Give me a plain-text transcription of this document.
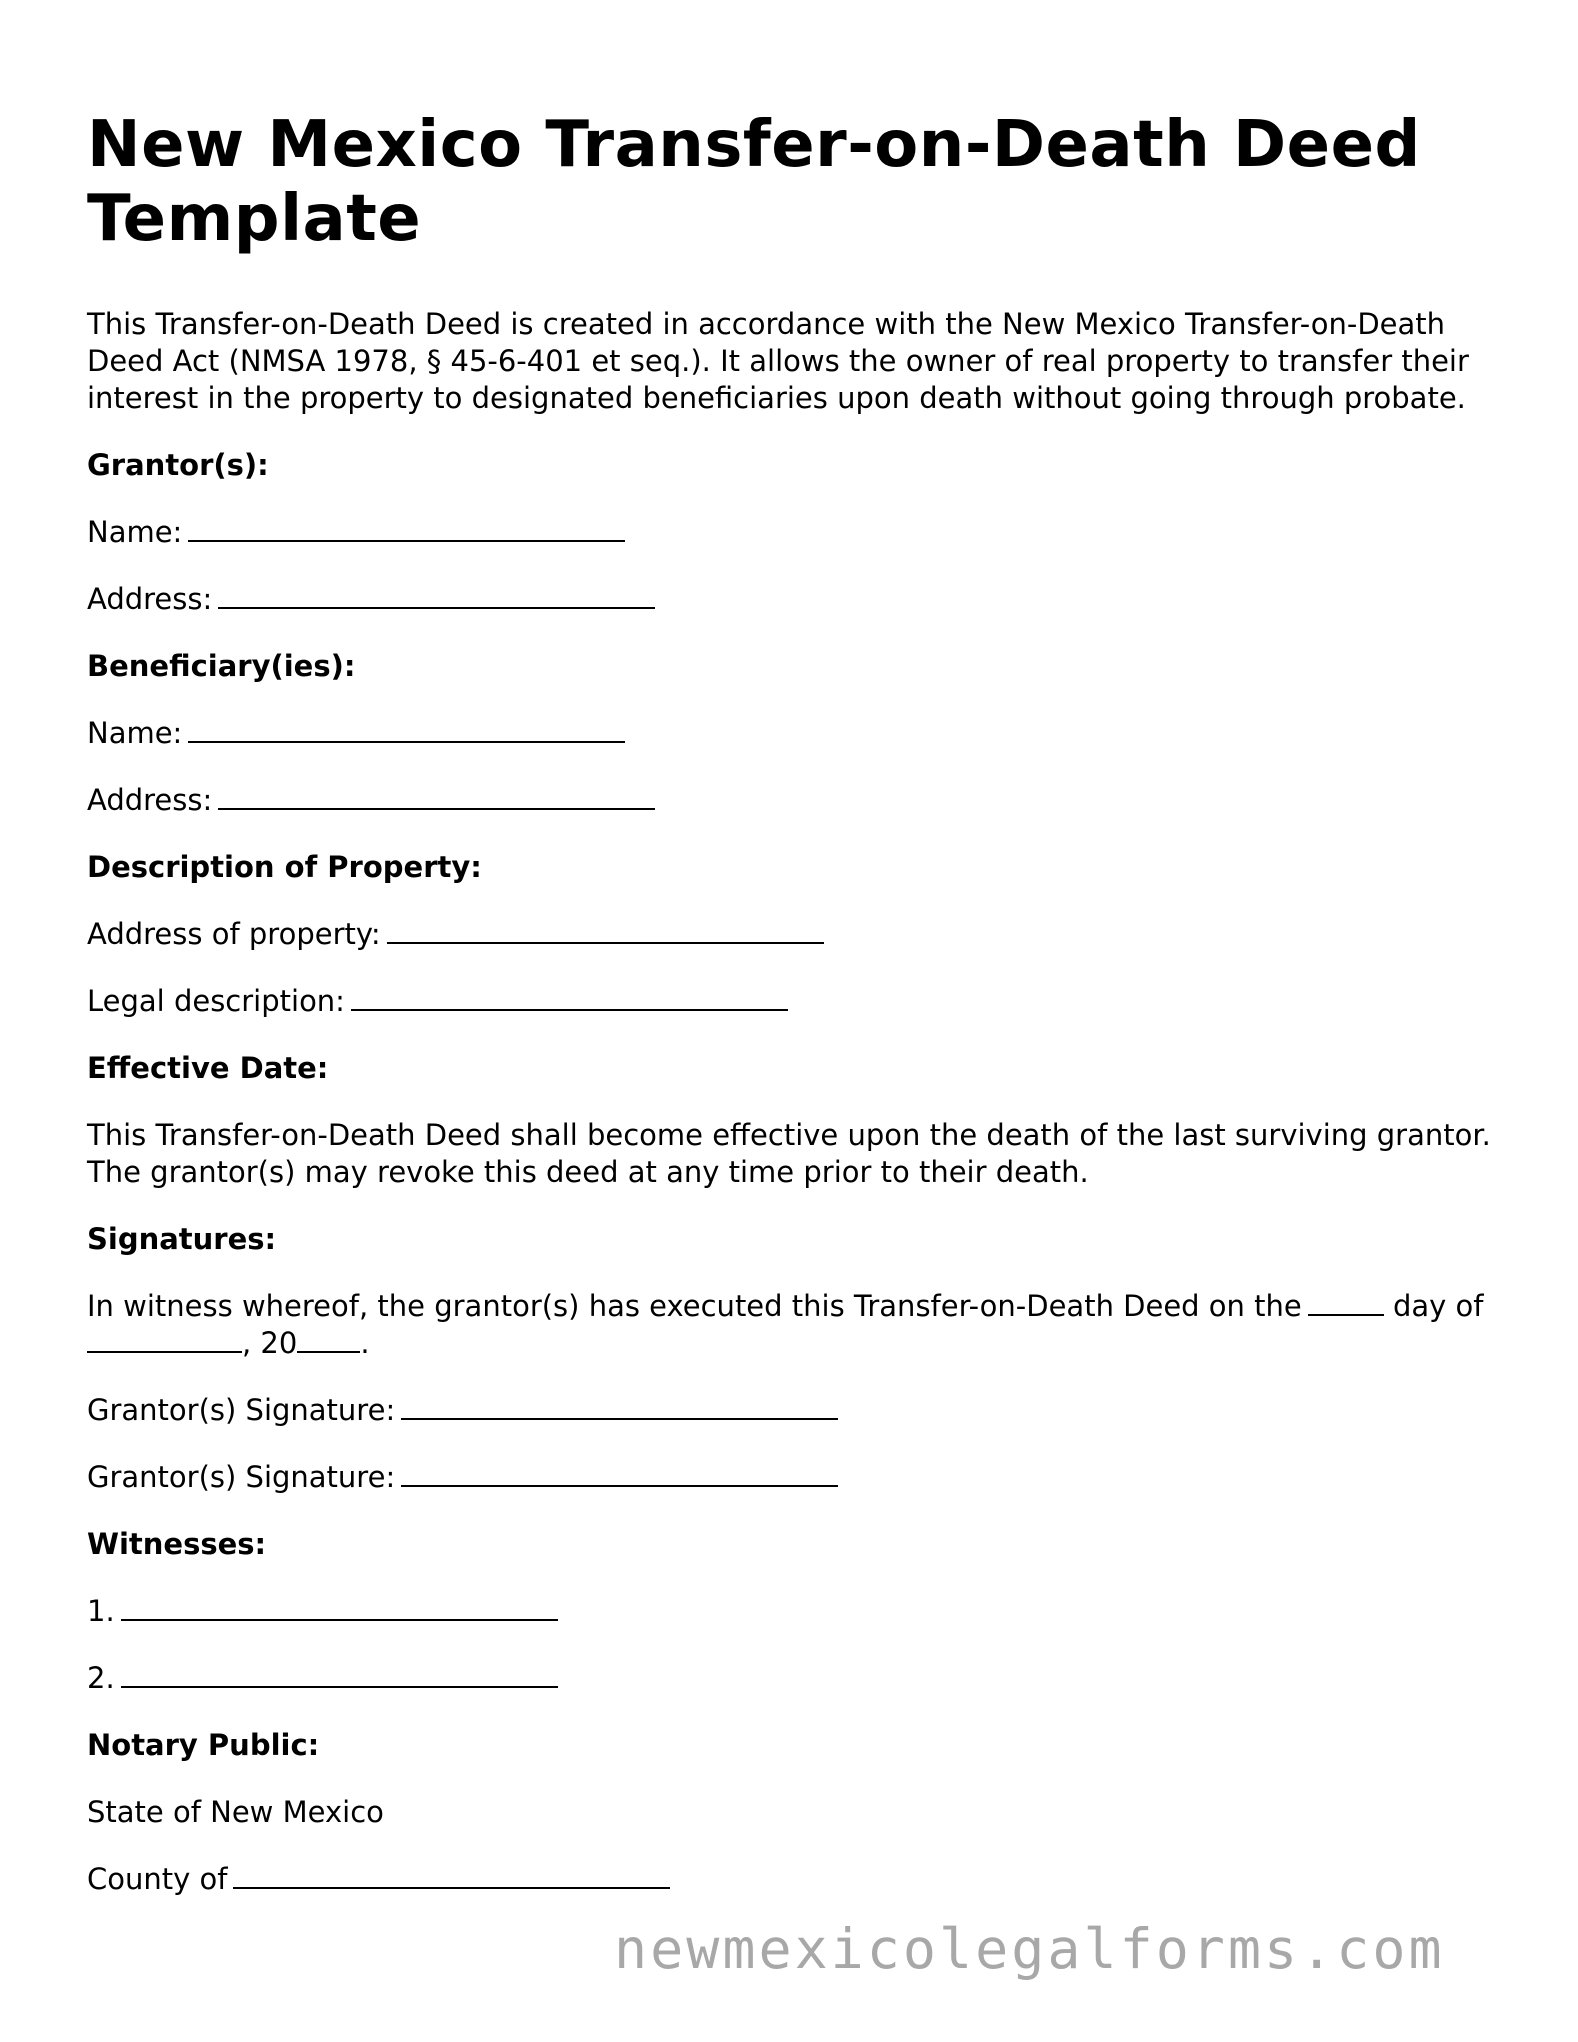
New Mexico Transfer-on-Death Deed Template

This Transfer-on-Death Deed is created in accordance with the New Mexico Transfer-on-Death Deed Act (NMSA 1978, § 45-6-401 et seq.). It allows the owner of real property to transfer their interest in the property to designated beneficiaries upon death without going through probate.

Grantor(s):

Name:

Address:

Beneficiary(ies):

Name:

Address:

Description of Property:

Address of property:

Legal description:

Effective Date:

This Transfer-on-Death Deed shall become effective upon the death of the last surviving grantor. The grantor(s) may revoke this deed at any time prior to their death.

Signatures:

In witness whereof, the grantor(s) has executed this Transfer-on-Death Deed on the	day of , 20 .

Grantor(s) Signature:

Grantor(s) Signature:

Witnesses:

1.

2.

Notary Public:

State of New Mexico

County of

newmexicolegalforms.com
